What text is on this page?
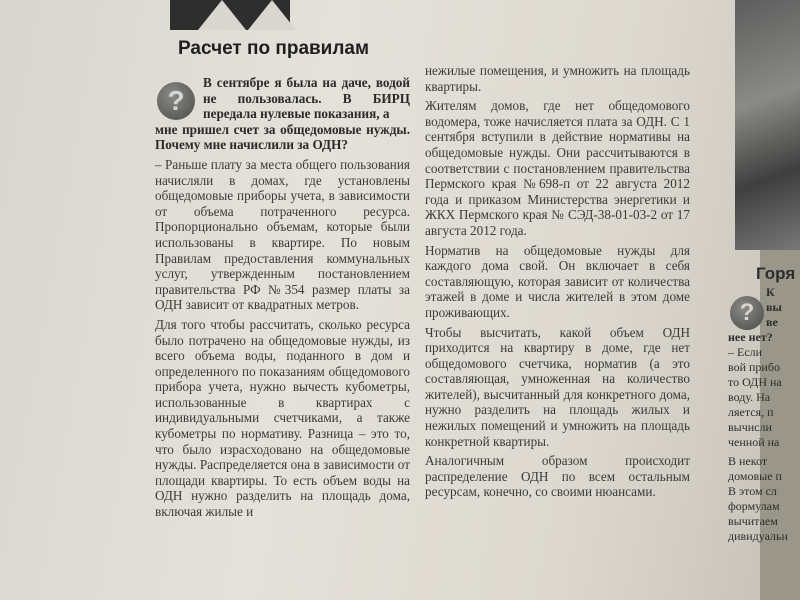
Расчет по правилам
?

В сентябре я была на даче, водой не пользовалась. В БИРЦ передала нулевые показания, а
мне пришел счет за общедомовые нужды. Почему мне начислили за ОДН?

– Раньше плату за места общего пользования начисляли в домах, где установлены общедомовые приборы учета, в зависимости от объема потраченного ресурса. Пропорционально объемам, которые были использованы в квартире. По новым Правилам предоставления коммунальных услуг, утвержденным постановлением правительства РФ №354 размер платы за ОДН зависит от квадратных метров.

Для того чтобы рассчитать, сколько ресурса было потрачено на общедомовые нужды, из всего объема воды, поданного в дом и определенного по показаниям общедомового прибора учета, нужно вычесть кубометры, использованные в квартирах с индивидуальными счетчиками, а также кубометры по нормативу. Разница – это то, что было израсходовано на общедомовые нужды. Распределяется она в зависимости от площади квартиры. То есть объем воды на ОДН нужно разделить на площадь дома, включая жилые и

нежилые помещения, и умножить на площадь квартиры.

Жителям домов, где нет общедомового водомера, тоже начисляется плата за ОДН. С 1 сентября вступили в действие нормативы на общедомовые нужды. Они рассчитываются в соответствии с постановлением правительства Пермского края №698-п от 22 августа 2012 года и приказом Министерства энергетики и ЖКХ Пермского края № СЭД-38-01-03-2 от 17 августа 2012 года.

Норматив на общедомовые нужды для каждого дома свой. Он включает в себя составляющую, которая зависит от количества этажей в доме и числа жителей в этом доме проживающих.

Чтобы высчитать, какой объем ОДН приходится на квартиру в доме, где нет общедомового счетчика, норматив (а это составляющая, умноженная на количество жителей), высчитанный для конкретного дома, нужно разделить на площадь жилых и нежилых помещений и умножить на площадь конкретной квартиры.

Аналогичным образом происходит распределение ОДН по всем остальным ресурсам, конечно, со своими нюансами.

Горя
?

К

вы

ве

нее нет?

– Если

вой прибо

то ОДН на

воду. На

ляется, п

вычисли

ченной на

В некот

домовые п

В этом сл

формулам

вычитаем

дивидуальн
